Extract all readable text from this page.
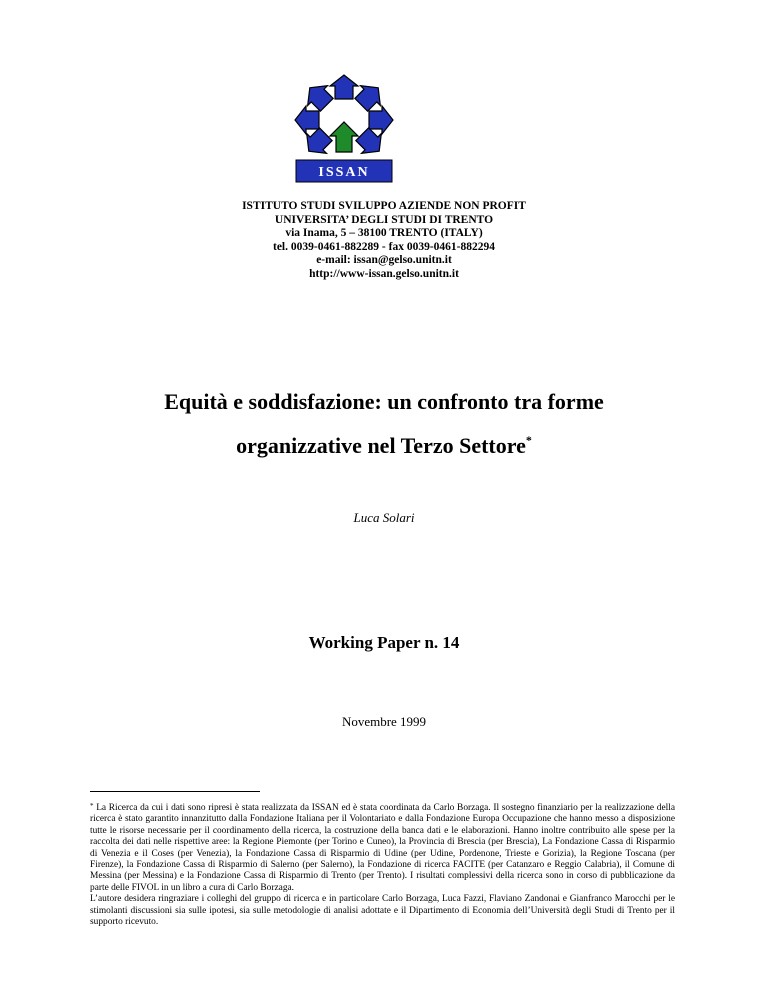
ISSAN
ISTITUTO STUDI SVILUPPO AZIENDE NON PROFIT
UNIVERSITA’ DEGLI STUDI DI TRENTO
via Inama, 5 – 38100 TRENTO (ITALY)
tel. 0039-0461-882289 - fax 0039-0461-882294
e-mail: issan@gelso.unitn.it
http://www-issan.gelso.unitn.it
Equità e soddisfazione: un confronto tra forme
organizzative nel Terzo Settore*
Luca Solari
Working Paper n. 14
Novembre 1999

* La Ricerca da cui i dati sono ripresi è stata realizzata da ISSAN ed è stata coordinata da Carlo Borzaga. Il sostegno finanziario per la realizzazione della ricerca è stato garantito innanzitutto dalla Fondazione Italiana per il Volontariato e dalla Fondazione Europa Occupazione che hanno messo a disposizione tutte le risorse necessarie per il coordinamento della ricerca, la costruzione della banca dati e le elaborazioni. Hanno inoltre contribuito alle spese per la raccolta dei dati nelle rispettive aree: la Regione Piemonte (per Torino e Cuneo), la Provincia di Brescia (per Brescia), La Fondazione Cassa di Risparmio di Venezia e il Coses (per Venezia), la Fondazione Cassa di Risparmio di Udine (per Udine, Pordenone, Trieste e Gorizia), la Regione Toscana (per Firenze), la Fondazione Cassa di Risparmio di Salerno (per Salerno), la Fondazione di ricerca FACITE (per Catanzaro e Reggio Calabria), il Comune di Messina (per Messina) e la Fondazione Cassa di Risparmio di Trento (per Trento). I risultati complessivi della ricerca sono in corso di pubblicazione da parte delle FIVOL in un libro a cura di Carlo Borzaga.

L’autore desidera ringraziare i colleghi del gruppo di ricerca e in particolare Carlo Borzaga, Luca Fazzi, Flaviano Zandonai e Gianfranco Marocchi per le stimolanti discussioni sia sulle ipotesi, sia sulle metodologie di analisi adottate e il Dipartimento di Economia dell’Università degli Studi di Trento per il supporto ricevuto.
